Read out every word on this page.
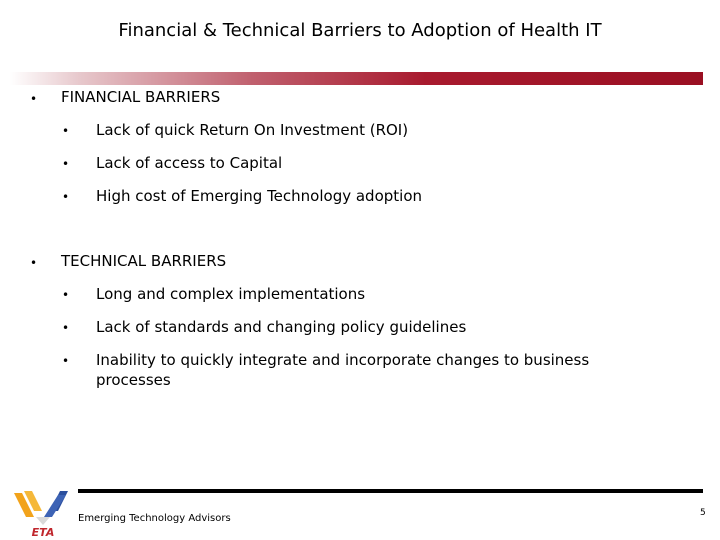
Financial & Technical Barriers to Adoption of Health IT
• FINANCIAL BARRIERS
• Lack of quick Return On Investment (ROI)
• Lack of access to Capital
• High cost of Emerging Technology adoption
• TECHNICAL BARRIERS
• Long and complex implementations
• Lack of standards and changing policy guidelines
• Inability to quickly integrate and incorporate changes to business processes
ETA
Emerging Technology Advisors	5
